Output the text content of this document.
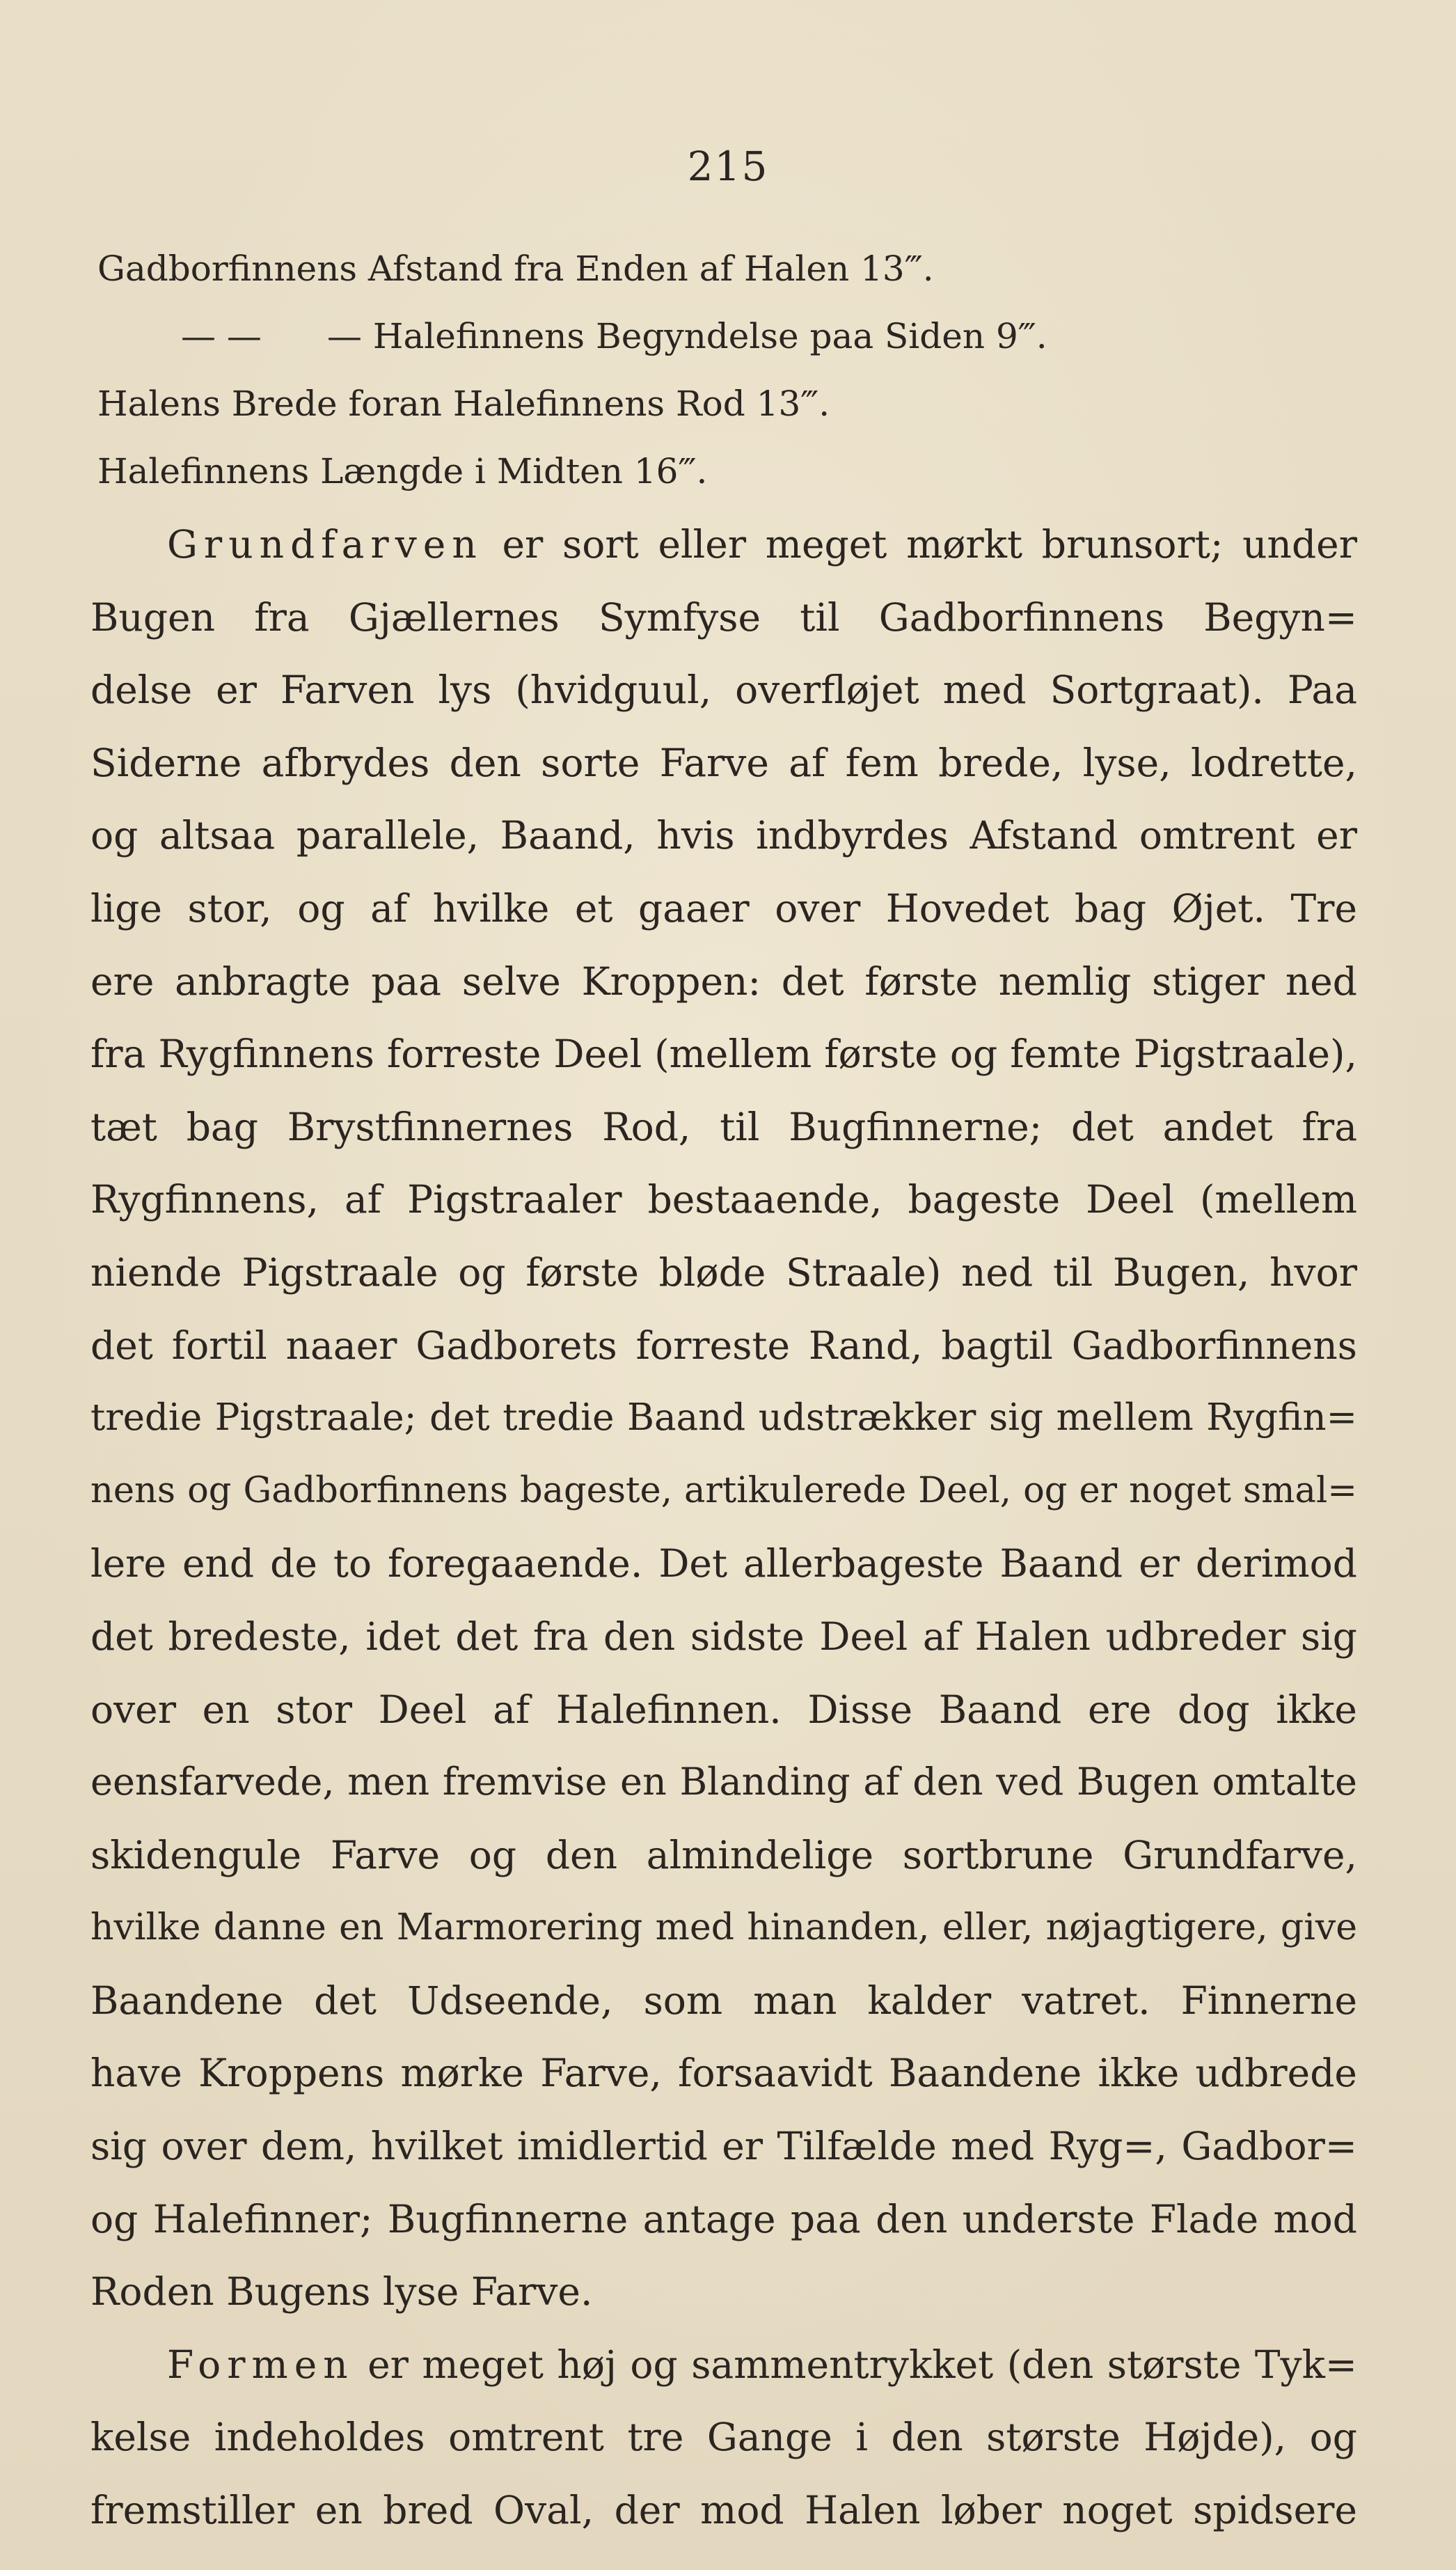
215
Gadborfinnens Afstand fra Enden af Halen 13‴.
— — — Halefinnens Begyndelse paa Siden 9‴.
Halens Brede foran Halefinnens Rod 13‴.
Halefinnens Længde i Midten 16‴.
Grundfarven er sort eller meget mørkt brunsort; under
Bugen fra Gjællernes Symfyse til Gadborfinnens Begyn=
delse er Farven lys (hvidguul, overfløjet med Sortgraat). Paa
Siderne afbrydes den sorte Farve af fem brede, lyse, lodrette,
og altsaa parallele, Baand, hvis indbyrdes Afstand omtrent er
lige stor, og af hvilke et gaaer over Hovedet bag Øjet. Tre
ere anbragte paa selve Kroppen: det første nemlig stiger ned
fra Rygfinnens forreste Deel (mellem første og femte Pigstraale),
tæt bag Brystfinnernes Rod, til Bugfinnerne; det andet fra
Rygfinnens, af Pigstraaler bestaaende, bageste Deel (mellem
niende Pigstraale og første bløde Straale) ned til Bugen, hvor
det fortil naaer Gadborets forreste Rand, bagtil Gadborfinnens
tredie Pigstraale; det tredie Baand udstrækker sig mellem Rygfin=
nens og Gadborfinnens bageste, artikulerede Deel, og er noget smal=
lere end de to foregaaende. Det allerbageste Baand er derimod
det bredeste, idet det fra den sidste Deel af Halen udbreder sig
over en stor Deel af Halefinnen. Disse Baand ere dog ikke
eensfarvede, men fremvise en Blanding af den ved Bugen omtalte
skidengule Farve og den almindelige sortbrune Grundfarve,
hvilke danne en Marmorering med hinanden, eller, nøjagtigere, give
Baandene det Udseende, som man kalder vatret. Finnerne
have Kroppens mørke Farve, forsaavidt Baandene ikke udbrede
sig over dem, hvilket imidlertid er Tilfælde med Ryg=, Gadbor=
og Halefinner; Bugfinnerne antage paa den underste Flade mod
Roden Bugens lyse Farve.
Formen er meget høj og sammentrykket (den største Tyk=
kelse indeholdes omtrent tre Gange i den største Højde), og
fremstiller en bred Oval, der mod Halen løber noget spidsere
